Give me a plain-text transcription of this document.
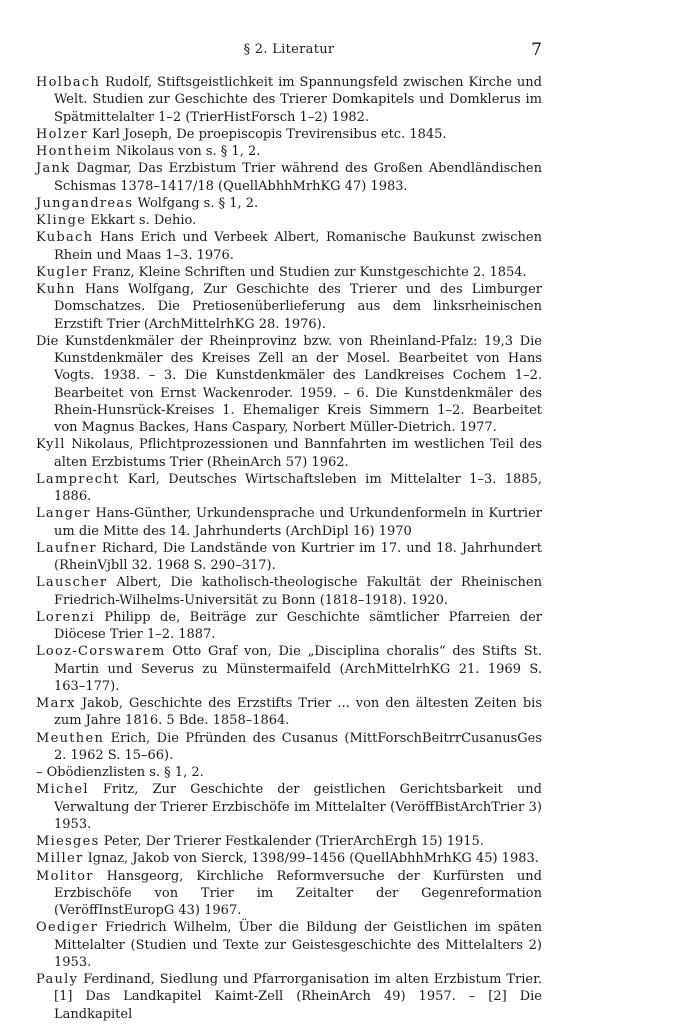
§ 2. Literatur	7

Holbach Rudolf, Stiftsgeistlichkeit im Spannungsfeld zwischen Kirche und Welt. Studien zur Geschichte des Trierer Domkapitels und Domklerus im Spätmittelalter 1–2 (TrierHistForsch 1–2) 1982.

Holzer Karl Joseph, De proepiscopis Trevirensibus etc. 1845.

Hontheim Nikolaus von s. § 1, 2.

Jank Dagmar, Das Erzbistum Trier während des Großen Abendländischen Schismas 1378–1417/18 (QuellAbhhMrhKG 47) 1983.

Jungandreas Wolfgang s. § 1, 2.

Klinge Ekkart s. Dehio.

Kubach Hans Erich und Verbeek Albert, Romanische Baukunst zwischen Rhein und Maas 1–3. 1976.

Kugler Franz, Kleine Schriften und Studien zur Kunstgeschichte 2. 1854.

Kuhn Hans Wolfgang, Zur Geschichte des Trierer und des Limburger Domschatzes. Die Pretiosenüberlieferung aus dem linksrheinischen Erzstift Trier (ArchMittelrhKG 28. 1976).

Die Kunstdenkmäler der Rheinprovinz bzw. von Rheinland-Pfalz: 19,3 Die Kunstdenkmäler des Kreises Zell an der Mosel. Bearbeitet von Hans Vogts. 1938. – 3. Die Kunstdenkmäler des Landkreises Cochem 1–2. Bearbeitet von Ernst Wackenroder. 1959. – 6. Die Kunstdenkmäler des Rhein-Hunsrück-Kreises 1. Ehemaliger Kreis Simmern 1–2. Bearbeitet von Magnus Backes, Hans Caspary, Norbert Müller-Dietrich. 1977.

Kyll Nikolaus, Pflichtprozessionen und Bannfahrten im westlichen Teil des alten Erzbistums Trier (RheinArch 57) 1962.

Lamprecht Karl, Deutsches Wirtschaftsleben im Mittelalter 1–3. 1885, 1886.

Langer Hans-Günther, Urkundensprache und Urkundenformeln in Kurtrier um die Mitte des 14. Jahrhunderts (ArchDipl 16) 1970

Laufner Richard, Die Landstände von Kurtrier im 17. und 18. Jahrhundert (RheinVjbll 32. 1968 S. 290–317).

Lauscher Albert, Die katholisch-theologische Fakultät der Rheinischen Friedrich-Wilhelms-Universität zu Bonn (1818–1918). 1920.

Lorenzi Philipp de, Beiträge zur Geschichte sämtlicher Pfarreien der Diöcese Trier 1–2. 1887.

Looz-Corswarem Otto Graf von, Die „Disciplina choralis“ des Stifts St. Martin und Severus zu Münstermaifeld (ArchMittelrhKG 21. 1969 S. 163–177).

Marx Jakob, Geschichte des Erzstifts Trier ... von den ältesten Zeiten bis zum Jahre 1816. 5 Bde. 1858–1864.

Meuthen Erich, Die Pfründen des Cusanus (MittForschBeitrrCusanusGes 2. 1962 S. 15–66).

– Obödienzlisten s. § 1, 2.

Michel Fritz, Zur Geschichte der geistlichen Gerichtsbarkeit und Verwaltung der Trierer Erzbischöfe im Mittelalter (VeröffBistArchTrier 3) 1953.

Miesges Peter, Der Trierer Festkalender (TrierArchErgh 15) 1915.

Miller Ignaz, Jakob von Sierck, 1398/99–1456 (QuellAbhhMrhKG 45) 1983.

Molitor Hansgeorg, Kirchliche Reformversuche der Kurfürsten und Erzbischöfe von Trier im Zeitalter der Gegenreformation (VeröffInstEuropG 43) 1967.

Oediger Friedrich Wilhelm, Über die Bildung der Geistlichen im späten Mittelalter (Studien und Texte zur Geistesgeschichte des Mittelalters 2) 1953.

Pauly Ferdinand, Siedlung und Pfarrorganisation im alten Erzbistum Trier. [1] Das Landkapitel Kaimt-Zell (RheinArch 49) 1957. – [2] Die Landkapitel
